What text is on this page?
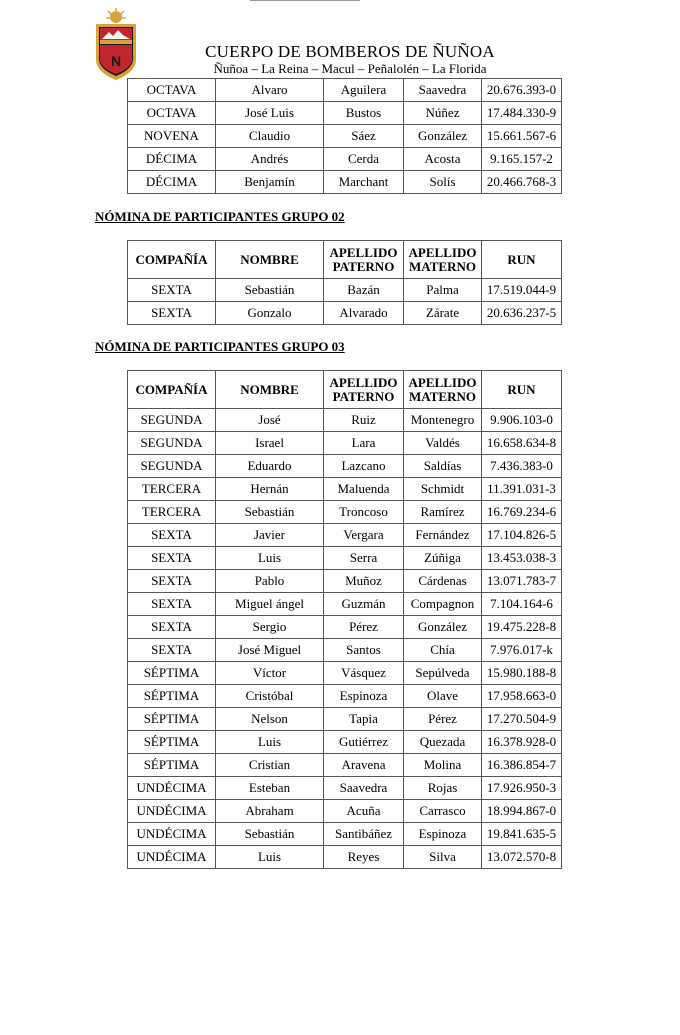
N	CUERPO DE BOMBEROS DE ÑUÑOA
Ñuñoa – La Reina – Macul – Peñalolén – La Florida
OCTAVA	Alvaro	Aguilera	Saavedra	20.676.393-0
OCTAVA	José Luis	Bustos	Núñez	17.484.330-9
NOVENA	Claudio	Sáez	González	15.661.567-6
DÉCIMA	Andrés	Cerda	Acosta	9.165.157-2
DÉCIMA	Benjamín	Marchant	Solís	20.466.768-3
NÓMINA DE PARTICIPANTES GRUPO 02
COMPAÑÍA	NOMBRE	APELLIDO PATERNO	APELLIDO MATERNO	RUN
SEXTA	Sebastián	Bazán	Palma	17.519.044-9
SEXTA	Gonzalo	Alvarado	Zárate	20.636.237-5
NÓMINA DE PARTICIPANTES GRUPO 03
COMPAÑÍA	NOMBRE	APELLIDO PATERNO	APELLIDO MATERNO	RUN
SEGUNDA	José	Ruiz	Montenegro	9.906.103-0
SEGUNDA	Israel	Lara	Valdés	16.658.634-8
SEGUNDA	Eduardo	Lazcano	Saldías	7.436.383-0
TERCERA	Hernán	Maluenda	Schmidt	11.391.031-3
TERCERA	Sebastián	Troncoso	Ramírez	16.769.234-6
SEXTA	Javier	Vergara	Fernández	17.104.826-5
SEXTA	Luis	Serra	Zúñiga	13.453.038-3
SEXTA	Pablo	Muñoz	Cárdenas	13.071.783-7
SEXTA	Miguel ángel	Guzmán	Compagnon	7.104.164-6
SEXTA	Sergio	Pérez	González	19.475.228-8
SEXTA	José Miguel	Santos	Chía	7.976.017-k
SÉPTIMA	Víctor	Vásquez	Sepúlveda	15.980.188-8
SÉPTIMA	Cristóbal	Espinoza	Olave	17.958.663-0
SÉPTIMA	Nelson	Tapia	Pérez	17.270.504-9
SÉPTIMA	Luis	Gutiérrez	Quezada	16.378.928-0
SÉPTIMA	Cristian	Aravena	Molina	16.386.854-7
UNDÉCIMA	Esteban	Saavedra	Rojas	17.926.950-3
UNDÉCIMA	Abraham	Acuña	Carrasco	18.994.867-0
UNDÉCIMA	Sebastián	Santibáñez	Espinoza	19.841.635-5
UNDÉCIMA	Luis	Reyes	Silva	13.072.570-8
